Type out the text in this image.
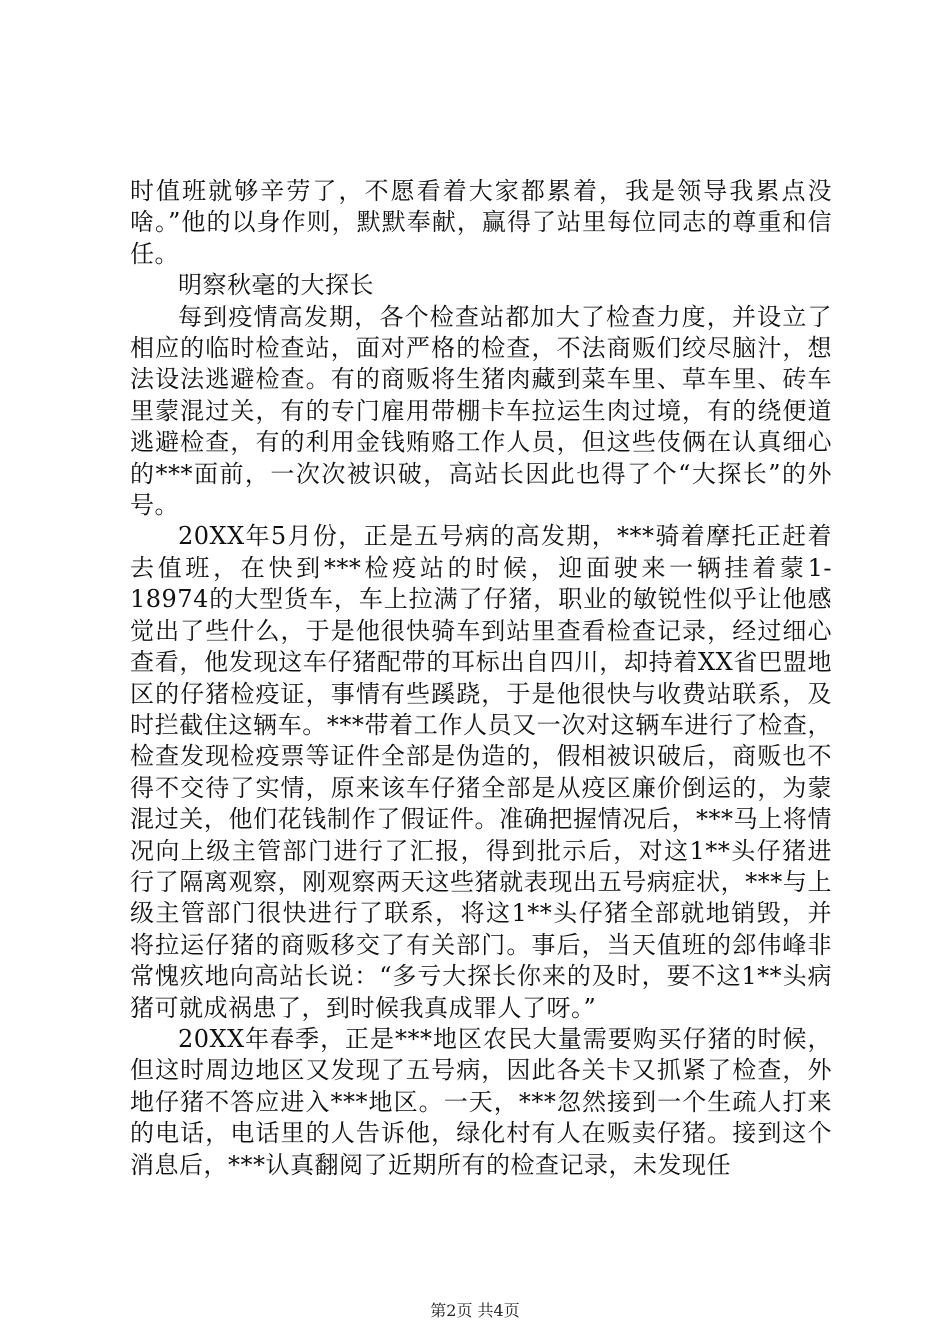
时值班就够辛劳了，不愿看着大家都累着，我是领导我累点没啥。”他的以身作则，默默奉献，赢得了站里每位同志的尊重和信任。

明察秋毫的大探长

每到疫情高发期，各个检查站都加大了检查力度，并设立了相应的临时检查站，面对严格的检查，不法商贩们绞尽脑汁，想法设法逃避检查。有的商贩将生猪肉藏到菜车里、草车里、砖车里蒙混过关，有的专门雇用带棚卡车拉运生肉过境，有的绕便道逃避检查，有的利用金钱贿赂工作人员，但这些伎俩在认真细心的***面前，一次次被识破，高站长因此也得了个“大探长”的外号。

20XX年5月份，正是五号病的高发期，***骑着摩托正赶着去值班，在快到***检疫站的时候，迎面驶来一辆挂着蒙1-18974的大型货车，车上拉满了仔猪，职业的敏锐性似乎让他感觉出了些什么，于是他很快骑车到站里查看检查记录，经过细心查看，他发现这车仔猪配带的耳标出自四川，却持着XX省巴盟地区的仔猪检疫证，事情有些蹊跷，于是他很快与收费站联系，及时拦截住这辆车。***带着工作人员又一次对这辆车进行了检查，检查发现检疫票等证件全部是伪造的，假相被识破后，商贩也不得不交待了实情，原来该车仔猪全部是从疫区廉价倒运的，为蒙混过关，他们花钱制作了假证件。准确把握情况后，***马上将情况向上级主管部门进行了汇报，得到批示后，对这1**头仔猪进行了隔离观察，刚观察两天这些猪就表现出五号病症状，***与上级主管部门很快进行了联系，将这1**头仔猪全部就地销毁，并将拉运仔猪的商贩移交了有关部门。事后，当天值班的郐伟峰非常愧疚地向高站长说：“多亏大探长你来的及时，要不这1**头病猪可就成祸患了，到时候我真成罪人了呀。”

20XX年春季，正是***地区农民大量需要购买仔猪的时候，但这时周边地区又发现了五号病，因此各关卡又抓紧了检查，外地仔猪不答应进入***地区。一天，***忽然接到一个生疏人打来的电话，电话里的人告诉他，绿化村有人在贩卖仔猪。接到这个消息后，***认真翻阅了近期所有的检查记录，未发现任

第2页 共4页
